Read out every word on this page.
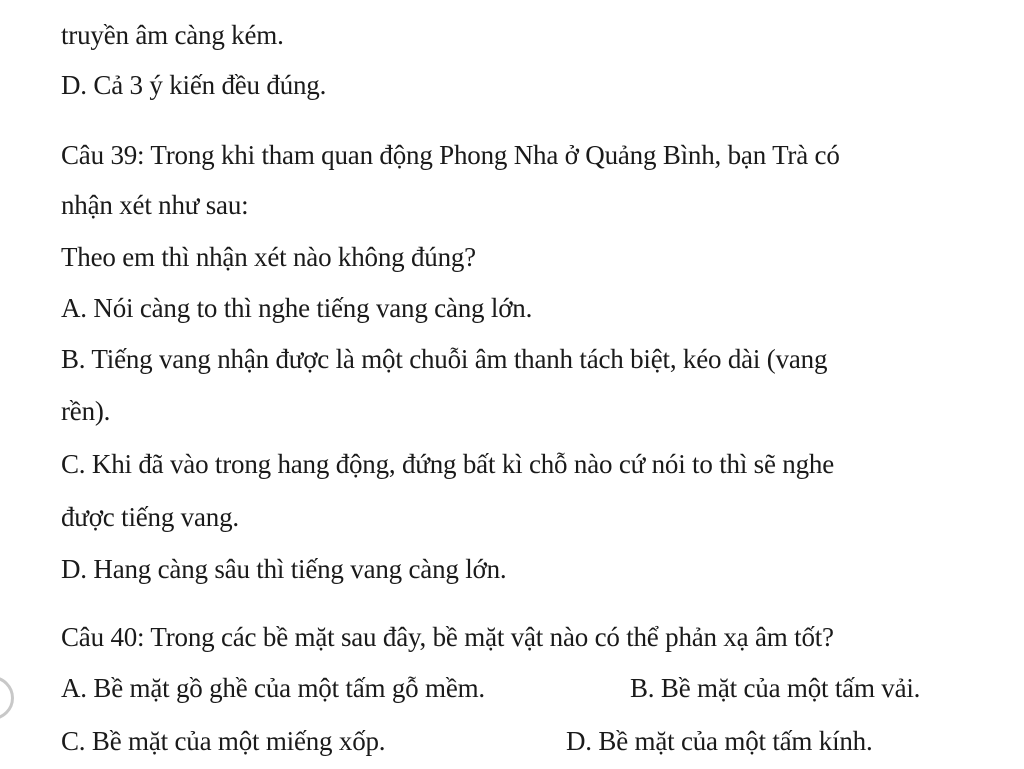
truyền âm càng kém.
D. Cả 3 ý kiến đều đúng.
Câu 39: Trong khi tham quan động Phong Nha ở Quảng Bình, bạn Trà có
nhận xét như sau:
Theo em thì nhận xét nào không đúng?
A. Nói càng to thì nghe tiếng vang càng lớn.
B. Tiếng vang nhận được là một chuỗi âm thanh tách biệt, kéo dài (vang
rền).
C. Khi đã vào trong hang động, đứng bất kì chỗ nào cứ nói to thì sẽ nghe
được tiếng vang.
D. Hang càng sâu thì tiếng vang càng lớn.
Câu 40: Trong các bề mặt sau đây, bề mặt vật nào có thể phản xạ âm tốt?
A. Bề mặt gồ ghề của một tấm gỗ mềm.	B. Bề mặt của một tấm vải.
C. Bề mặt của một miếng xốp.	D. Bề mặt của một tấm kính.
